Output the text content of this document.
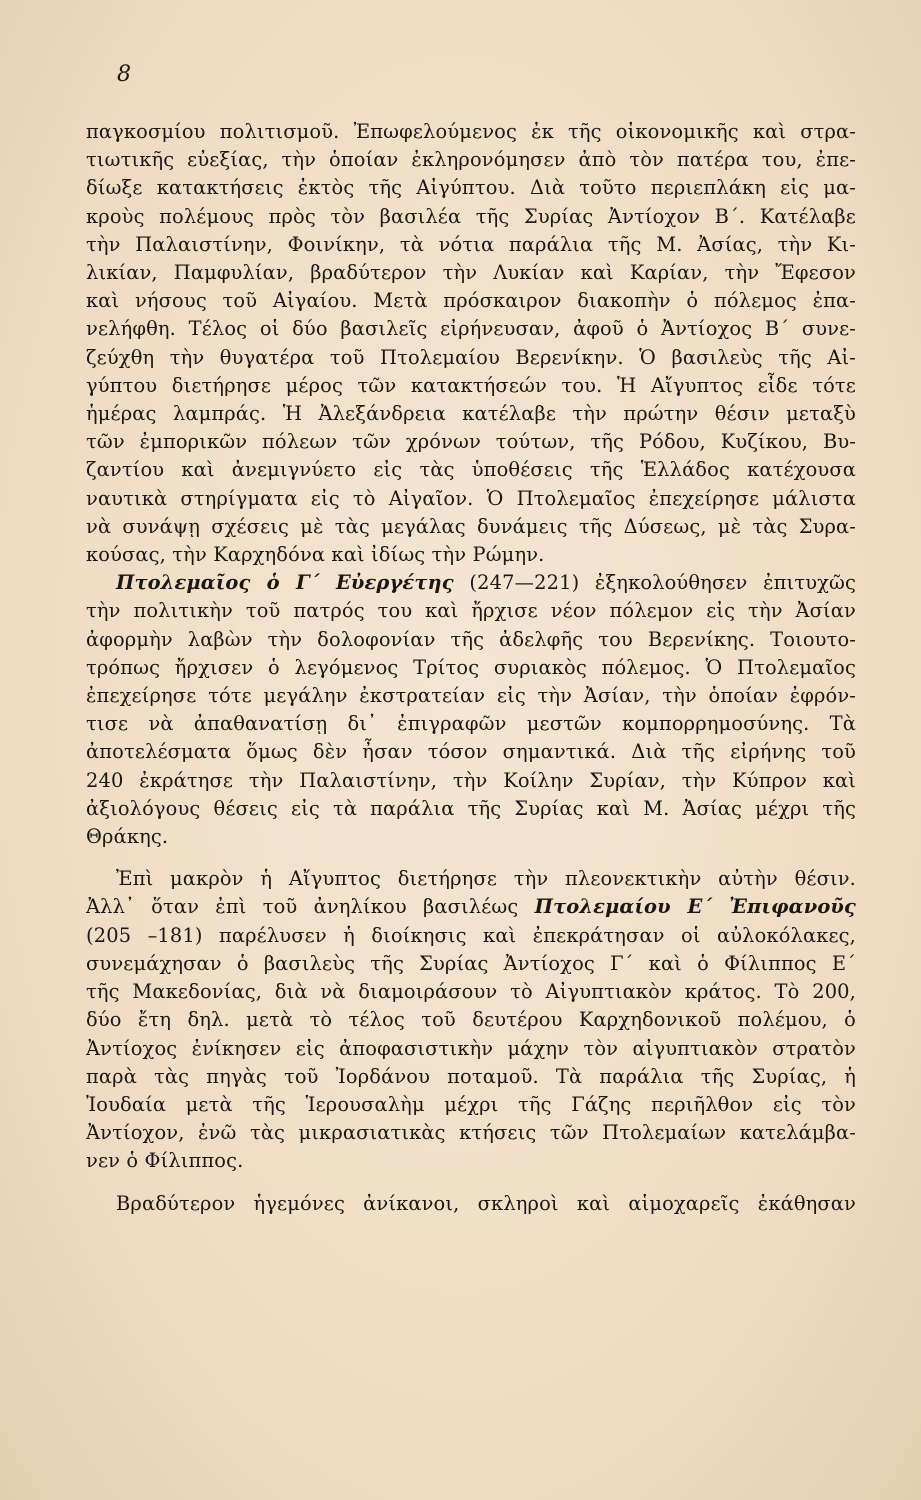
8
παγκοσμίου πολιτισμοῦ. Ἐπωφελούμενος ἐκ τῆς οἰκονομικῆς καὶ στρα-
τιωτικῆς εὐεξίας, τὴν ὁποίαν ἐκληρονόμησεν ἀπὸ τὸν πατέρα του, ἐπε-
δίωξε κατακτήσεις ἐκτὸς τῆς Αἰγύπτου. Διὰ τοῦτο περιεπλάκη εἰς μα-
κροὺς πολέμους πρὸς τὸν βασιλέα τῆς Συρίας Ἀντίοχον Β΄. Κατέλαβε
τὴν Παλαιστίνην, Φοινίκην, τὰ νότια παράλια τῆς Μ. Ἀσίας, τὴν Κι-
λικίαν, Παμφυλίαν, βραδύτερον τὴν Λυκίαν καὶ Καρίαν, τὴν Ἔφεσον
καὶ νήσους τοῦ Αἰγαίου. Μετὰ πρόσκαιρον διακοπὴν ὁ πόλεμος ἐπα-
νελήφθη. Τέλος οἱ δύο βασιλεῖς εἰρήνευσαν, ἀφοῦ ὁ Ἀντίοχος Β΄ συνε-
ζεύχθη τὴν θυγατέρα τοῦ Πτολεμαίου Βερενίκην. Ὁ βασιλεὺς τῆς Αἰ-
γύπτου διετήρησε μέρος τῶν κατακτήσεών του. Ἡ Αἴγυπτος εἶδε τότε
ἡμέρας λαμπράς. Ἡ Ἀλεξάνδρεια κατέλαβε τὴν πρώτην θέσιν μεταξὺ
τῶν ἐμπορικῶν πόλεων τῶν χρόνων τούτων, τῆς Ρόδου, Κυζίκου, Βυ-
ζαντίου καὶ ἀνεμιγνύετο εἰς τὰς ὑποθέσεις τῆς Ἑλλάδος κατέχουσα
ναυτικὰ στηρίγματα εἰς τὸ Αἰγαῖον. Ὁ Πτολεμαῖος ἐπεχείρησε μάλιστα
νὰ συνάψῃ σχέσεις μὲ τὰς μεγάλας δυνάμεις τῆς Δύσεως, μὲ τὰς Συρα-
κούσας, τὴν Καρχηδόνα καὶ ἰδίως τὴν Ρώμην.
Πτολεμαῖος ὁ Γ΄ Εὐεργέτης (247—221) ἐξηκολούθησεν ἐπιτυχῶς
τὴν πολιτικὴν τοῦ πατρός του καὶ ἤρχισε νέον πόλεμον εἰς τὴν Ἀσίαν
ἀφορμὴν λαβὼν τὴν δολοφονίαν τῆς ἀδελφῆς του Βερενίκης. Τοιουτο-
τρόπως ἤρχισεν ὁ λεγόμενος Τρίτος συριακὸς πόλεμος. Ὁ Πτολεμαῖος
ἐπεχείρησε τότε μεγάλην ἐκστρατείαν εἰς τὴν Ἀσίαν, τὴν ὁποίαν ἐφρόν-
τισε νὰ ἀπαθανατίσῃ δι᾿ ἐπιγραφῶν μεστῶν κομπορρημοσύνης. Τὰ
ἀποτελέσματα ὅμως δὲν ἦσαν τόσον σημαντικά. Διὰ τῆς εἰρήνης τοῦ
240 ἐκράτησε τὴν Παλαιστίνην, τὴν Κοίλην Συρίαν, τὴν Κύπρον καὶ
ἀξιολόγους θέσεις εἰς τὰ παράλια τῆς Συρίας καὶ Μ. Ἀσίας μέχρι τῆς
Θράκης.
Ἐπὶ μακρὸν ἡ Αἴγυπτος διετήρησε τὴν πλεονεκτικὴν αὐτὴν θέσιν.
Ἀλλ᾿ ὅταν ἐπὶ τοῦ ἀνηλίκου βασιλέως Πτολεμαίου Ε΄ Ἐπιφανοῦς
(205 –181) παρέλυσεν ἡ διοίκησις καὶ ἐπεκράτησαν οἱ αὐλοκόλακες,
συνεμάχησαν ὁ βασιλεὺς τῆς Συρίας Ἀντίοχος Γ΄ καὶ ὁ Φίλιππος Ε΄
τῆς Μακεδονίας, διὰ νὰ διαμοιράσουν τὸ Αἰγυπτιακὸν κράτος. Τὸ 200,
δύο ἔτη δηλ. μετὰ τὸ τέλος τοῦ δευτέρου Καρχηδονικοῦ πολέμου, ὁ
Ἀντίοχος ἐνίκησεν εἰς ἀποφασιστικὴν μάχην τὸν αἰγυπτιακὸν στρατὸν
παρὰ τὰς πηγὰς τοῦ Ἰορδάνου ποταμοῦ. Τὰ παράλια τῆς Συρίας, ἡ
Ἰουδαία μετὰ τῆς Ἱερουσαλὴμ μέχρι τῆς Γάζης περιῆλθον εἰς τὸν
Ἀντίοχον, ἐνῶ τὰς μικρασιατικὰς κτήσεις τῶν Πτολεμαίων κατελάμβα-
νεν ὁ Φίλιππος.
Βραδύτερον ἡγεμόνες ἀνίκανοι, σκληροὶ καὶ αἱμοχαρεῖς ἐκάθησαν
